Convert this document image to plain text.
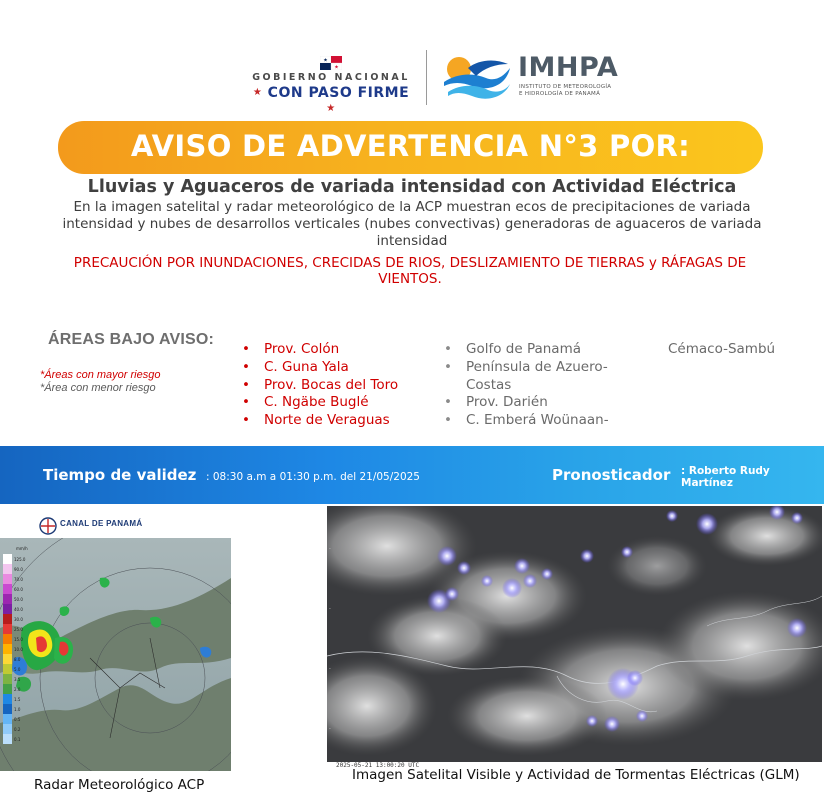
★
★
GOBIERNO NACIONAL
★ CON PASO FIRME ★
IMHPA
INSTITUTO DE METEOROLOGÍA
E HIDROLOGÍA DE PANAMÁ
AVISO DE ADVERTENCIA N°3 POR:
Lluvias y Aguaceros de variada intensidad con Actividad Eléctrica
En la imagen satelital y radar meteorológico de la ACP muestran ecos de precipitaciones de variada intensidad y nubes de desarrollos verticales (nubes convectivas) generadoras de aguaceros de variada intensidad
PRECAUCIÓN POR INUNDACIONES, CRECIDAS DE RIOS, DESLIZAMIENTO DE TIERRAS y RÁFAGAS DE VIENTOS.
ÁREAS BAJO AVISO:
*Áreas con mayor riesgo
*Área con menor riesgo
• Prov. Colón
• C. Guna Yala
• Prov. Bocas del Toro
• C. Ngäbe Buglé
• Norte de Veraguas
• Golfo de Panamá
• Península de Azuero-Costas
• Prov. Darién
• C. Emberá Woünaan-
Cémaco-Sambú
Tiempo de validez : 08:30 a.m a 01:30 p.m. del 21/05/2025	Pronosticador : Roberto Rudy Martínez
CANAL DE PANAMÁ
mm/h
125.0
90.0
70.0
60.0
50.0
40.0
30.0
25.0
15.0
10.0
8.0
5.0
3.5
2.0
1.5
1.0
0.5
0.2
0.1
Radar Meteorológico ACP
-
-
-
-
2025-05-21 13:00:20 UTC
Imagen Satelital Visible y Actividad de Tormentas Eléctricas (GLM)
